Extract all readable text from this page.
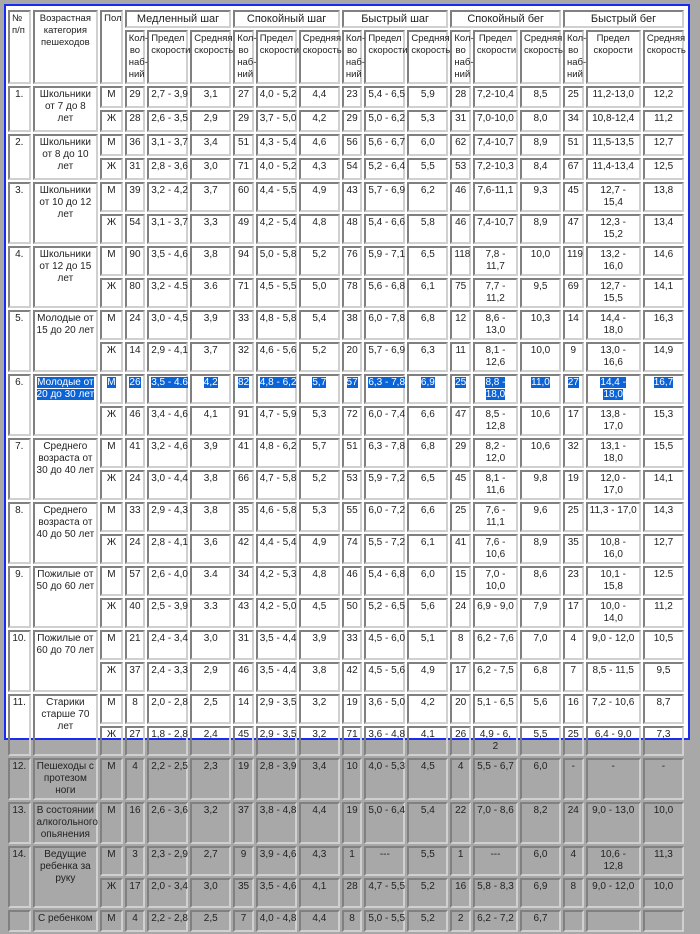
№ п/п	Возрастная категория пешеходов	Пол	Медленный шаг			Спокойный шаг			Быстрый шаг			Спокойный бег			Быстрый бег		
			Кол-во наб-ний	Предел скорости	Средняя скорость	Кол-во наб-ний	Предел скорости	Средняя скорость	Кол-во наб-ний	Предел скорости	Средняя скорость	Кол-во наб-ний	Предел скорости	Средняя скорость	Кол-во наб-ний	Предел скорости	Средняя скорость
1.	Школьники от 7 до 8 лет	М	29	2,7 - 3,9	3,1	27	4,0 - 5,2	4,4	23	5,4 - 6,5	5,9	28	7,2-10,4	8,5	25	11,2-13,0	12,2
		Ж	28	2,6 - 3,5	2,9	29	3,7 - 5,0	4,2	29	5,0 - 6,2	5,3	31	7,0-10,0	8,0	34	10,8-12,4	11,2
2.	Школьники от 8 до 10 лет	М	36	3,1 - 3,7	3,4	51	4,3 - 5,4	4,6	56	5,6 - 6,7	6,0	62	7,4-10,7	8,9	51	11,5-13,5	12,7
		Ж	31	2,8 - 3,6	3,0	71	4,0 - 5,2	4,3	54	5,2 - 6,4	5,5	53	7,2-10,3	8,4	67	11,4-13,4	12,5
3.	Школьники от 10 до 12 лет	М	39	3,2 - 4,2	3,7	60	4,4 - 5,5	4,9	43	5,7 - 6,9	6,2	46	7,6-11,1	9,3	45	12,7 - 15,4	13,8
		Ж	54	3,1 - 3,7	3,3	49	4,2 - 5,4	4,8	48	5,4 - 6,6	5,8	46	7,4-10,7	8,9	47	12,3 - 15,2	13,4
4.	Школьники от 12 до 15 лет	М	90	3,5 - 4,6	3,8	94	5,0 - 5,8	5,2	76	5,9 - 7,1	6,5	118	7,8 - 11,7	10,0	119	13,2 - 16,0	14,6
		Ж	80	3,2 - 4.5	3.6	71	4,5 - 5,5	5,0	78	5,6 - 6,8	6,1	75	7,7 - 11,2	9,5	69	12,7 - 15,5	14,1
5.	Молодые от 15 до 20 лет	М	24	3,0 - 4,5	3,9	33	4,8 - 5,8	5,4	38	6,0 - 7,8	6,8	12	8,6 - 13,0	10,3	14	14,4 - 18,0	16,3
		Ж	14	2,9 - 4,1	3,7	32	4,6 - 5,6	5,2	20	5,7 - 6,9	6,3	11	8,1 - 12,6	10,0	9	13,0 - 16,6	14,9
6.	Молодые от 20 до 30 лет	М	26	3,5 - 4.6	4,2	82	4,8 - 6,2	5,7	57	6,3 - 7,8	6,9	25	8,8 - 18,0	11,0	27	14,4 - 18,0	16,7
		Ж	46	3,4 - 4,6	4,1	91	4,7 - 5,9	5,3	72	6,0 - 7,4	6,6	47	8,5 - 12,8	10,6	17	13,8 - 17,0	15,3
7.	Среднего возраста от 30 до 40 лет	М	41	3,2 - 4,6	3,9	41	4,8 - 6,2	5,7	51	6,3 - 7,8	6,8	29	8,2 - 12,0	10,6	32	13,1 - 18,0	15,5
		Ж	24	3,0 - 4,4	3,8	66	4,7 - 5,8	5,2	53	5,9 - 7,2	6,5	45	8,1 - 11,6	9,8	19	12,0 - 17,0	14,1
8.	Среднего возраста от 40 до 50 лет	М	33	2,9 - 4,3	3,8	35	4,6 - 5,8	5,3	55	6,0 - 7,2	6,6	25	7,6 - 11,1	9,6	25	11,3 - 17,0	14,3
		Ж	24	2,8 - 4,1	3,6	42	4,4 - 5,4	4,9	74	5,5 - 7,2	6,1	41	7,6 - 10,6	8,9	35	10,8 - 16,0	12,7
9.	Пожилые от 50 до 60 лет	М	57	2,6 - 4,0	3.4	34	4,2 - 5,3	4,8	46	5,4 - 6,8	6,0	15	7,0 - 10,0	8,6	23	10,1 - 15,8	12.5
		Ж	40	2,5 - 3,9	3.3	43	4,2 - 5,0	4,5	50	5,2 - 6,5	5,6	24	6,9 - 9,0	7,9	17	10,0 - 14,0	11,2
10.	Пожилые от 60 до 70 лет	М	21	2,4 - 3,4	3,0	31	3,5 - 4,4	3,9	33	4,5 - 6,0	5,1	8	6,2 - 7,6	7,0	4	9,0 - 12,0	10,5
		Ж	37	2,4 - 3,3	2,9	46	3,5 - 4,4	3,8	42	4,5 - 5,6	4,9	17	6,2 - 7,5	6,8	7	8,5 - 11,5	9,5
11.	Старики старше 70 лет	М	8	2,0 - 2,8	2,5	14	2,9 - 3,5	3,2	19	3,6 - 5,0	4,2	20	5,1 - 6,5	5,6	16	7,2 - 10,6	8,7
		Ж	27	1,8 - 2,8	2,4	45	2,9 - 3,5	3,2	71	3,6 - 4,8	4,1	26	4,9 - 6, 2	5,5	25	6,4 - 9,0	7,3
12.	Пешеходы с протезом ноги	М	4	2,2 - 2,5	2,3	19	2,8 - 3,9	3,4	10	4,0 - 5,3	4,5	4	5,5 - 6,7	6,0	-	-	-
13.	В состоянии алкогольного опьянения	М	16	2,6 - 3,6	3,2	37	3,8 - 4,8	4,4	19	5,0 - 6,4	5,4	22	7,0 - 8,6	8,2	24	9,0 - 13,0	10,0
14.	Ведущие ребенка за руку	М	3	2,3 - 2,9	2,7	9	3,9 - 4,6	4,3	1	---	5,5	1	---	6,0	4	10,6 - 12,8	11,3
		Ж	17	2,0 - 3,4	3,0	35	3,5 - 4,6	4,1	28	4,7 - 5,5	5,2	16	5,8 - 8,3	6,9	8	9,0 - 12,0	10,0
	С ребенком	М	4	2,2 - 2,8	2,5	7	4,0 - 4,8	4,4	8	5,0 - 5,5	5,2	2	6,2 - 7,2	6,7			
